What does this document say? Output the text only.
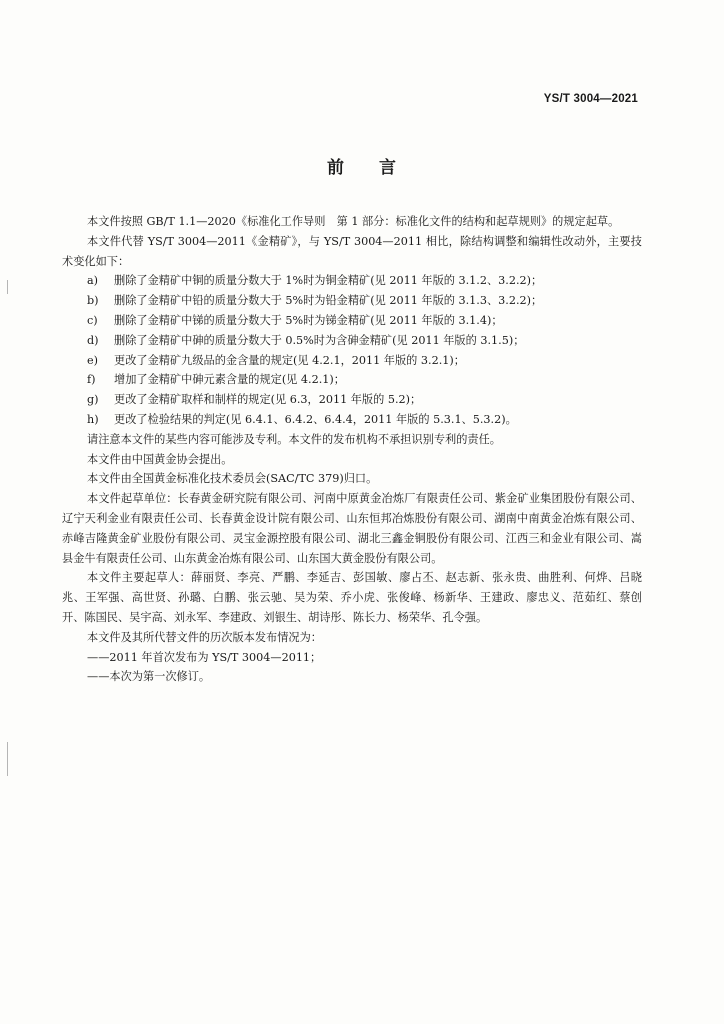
YS/T 3004—2021
前 言

本文件按照 GB/T 1.1—2020《标准化工作导则　第 1 部分：标准化文件的结构和起草规则》的规定起草。

本文件代替 YS/T 3004—2011《金精矿》，与 YS/T 3004—2011 相比，除结构调整和编辑性改动外，主要技术变化如下：

a)	删除了金精矿中铜的质量分数大于 1%时为铜金精矿(见 2011 年版的 3.1.2、3.2.2)；
b)	删除了金精矿中铅的质量分数大于 5%时为铅金精矿(见 2011 年版的 3.1.3、3.2.2)；
c)	删除了金精矿中锑的质量分数大于 5%时为锑金精矿(见 2011 年版的 3.1.4)；
d)	删除了金精矿中砷的质量分数大于 0.5%时为含砷金精矿(见 2011 年版的 3.1.5)；
e)	更改了金精矿九级品的金含量的规定(见 4.2.1，2011 年版的 3.2.1)；
f)	增加了金精矿中砷元素含量的规定(见 4.2.1)；
g)	更改了金精矿取样和制样的规定(见 6.3，2011 年版的 5.2)；
h)	更改了检验结果的判定(见 6.4.1、6.4.2、6.4.4，2011 年版的 5.3.1、5.3.2)。

请注意本文件的某些内容可能涉及专利。本文件的发布机构不承担识别专利的责任。

本文件由中国黄金协会提出。

本文件由全国黄金标准化技术委员会(SAC/TC 379)归口。

本文件起草单位：长春黄金研究院有限公司、河南中原黄金冶炼厂有限责任公司、紫金矿业集团股份有限公司、辽宁天利金业有限责任公司、长春黄金设计院有限公司、山东恒邦冶炼股份有限公司、湖南中南黄金冶炼有限公司、赤峰吉隆黄金矿业股份有限公司、灵宝金源控股有限公司、湖北三鑫金铜股份有限公司、江西三和金业有限公司、嵩县金牛有限责任公司、山东黄金冶炼有限公司、山东国大黄金股份有限公司。

本文件主要起草人：薛丽贤、李亮、严鹏、李延吉、彭国敏、廖占丕、赵志新、张永贵、曲胜利、何烨、吕晓兆、王军强、高世贤、孙璐、白鹏、张云驰、吴为荣、乔小虎、张俊峰、杨新华、王建政、廖忠义、范茹红、蔡创开、陈国民、吴宇高、刘永军、李建政、刘银生、胡诗彤、陈长力、杨荣华、孔令强。

本文件及其所代替文件的历次版本发布情况为：

——2011 年首次发布为 YS/T 3004—2011；
——本次为第一次修订。
